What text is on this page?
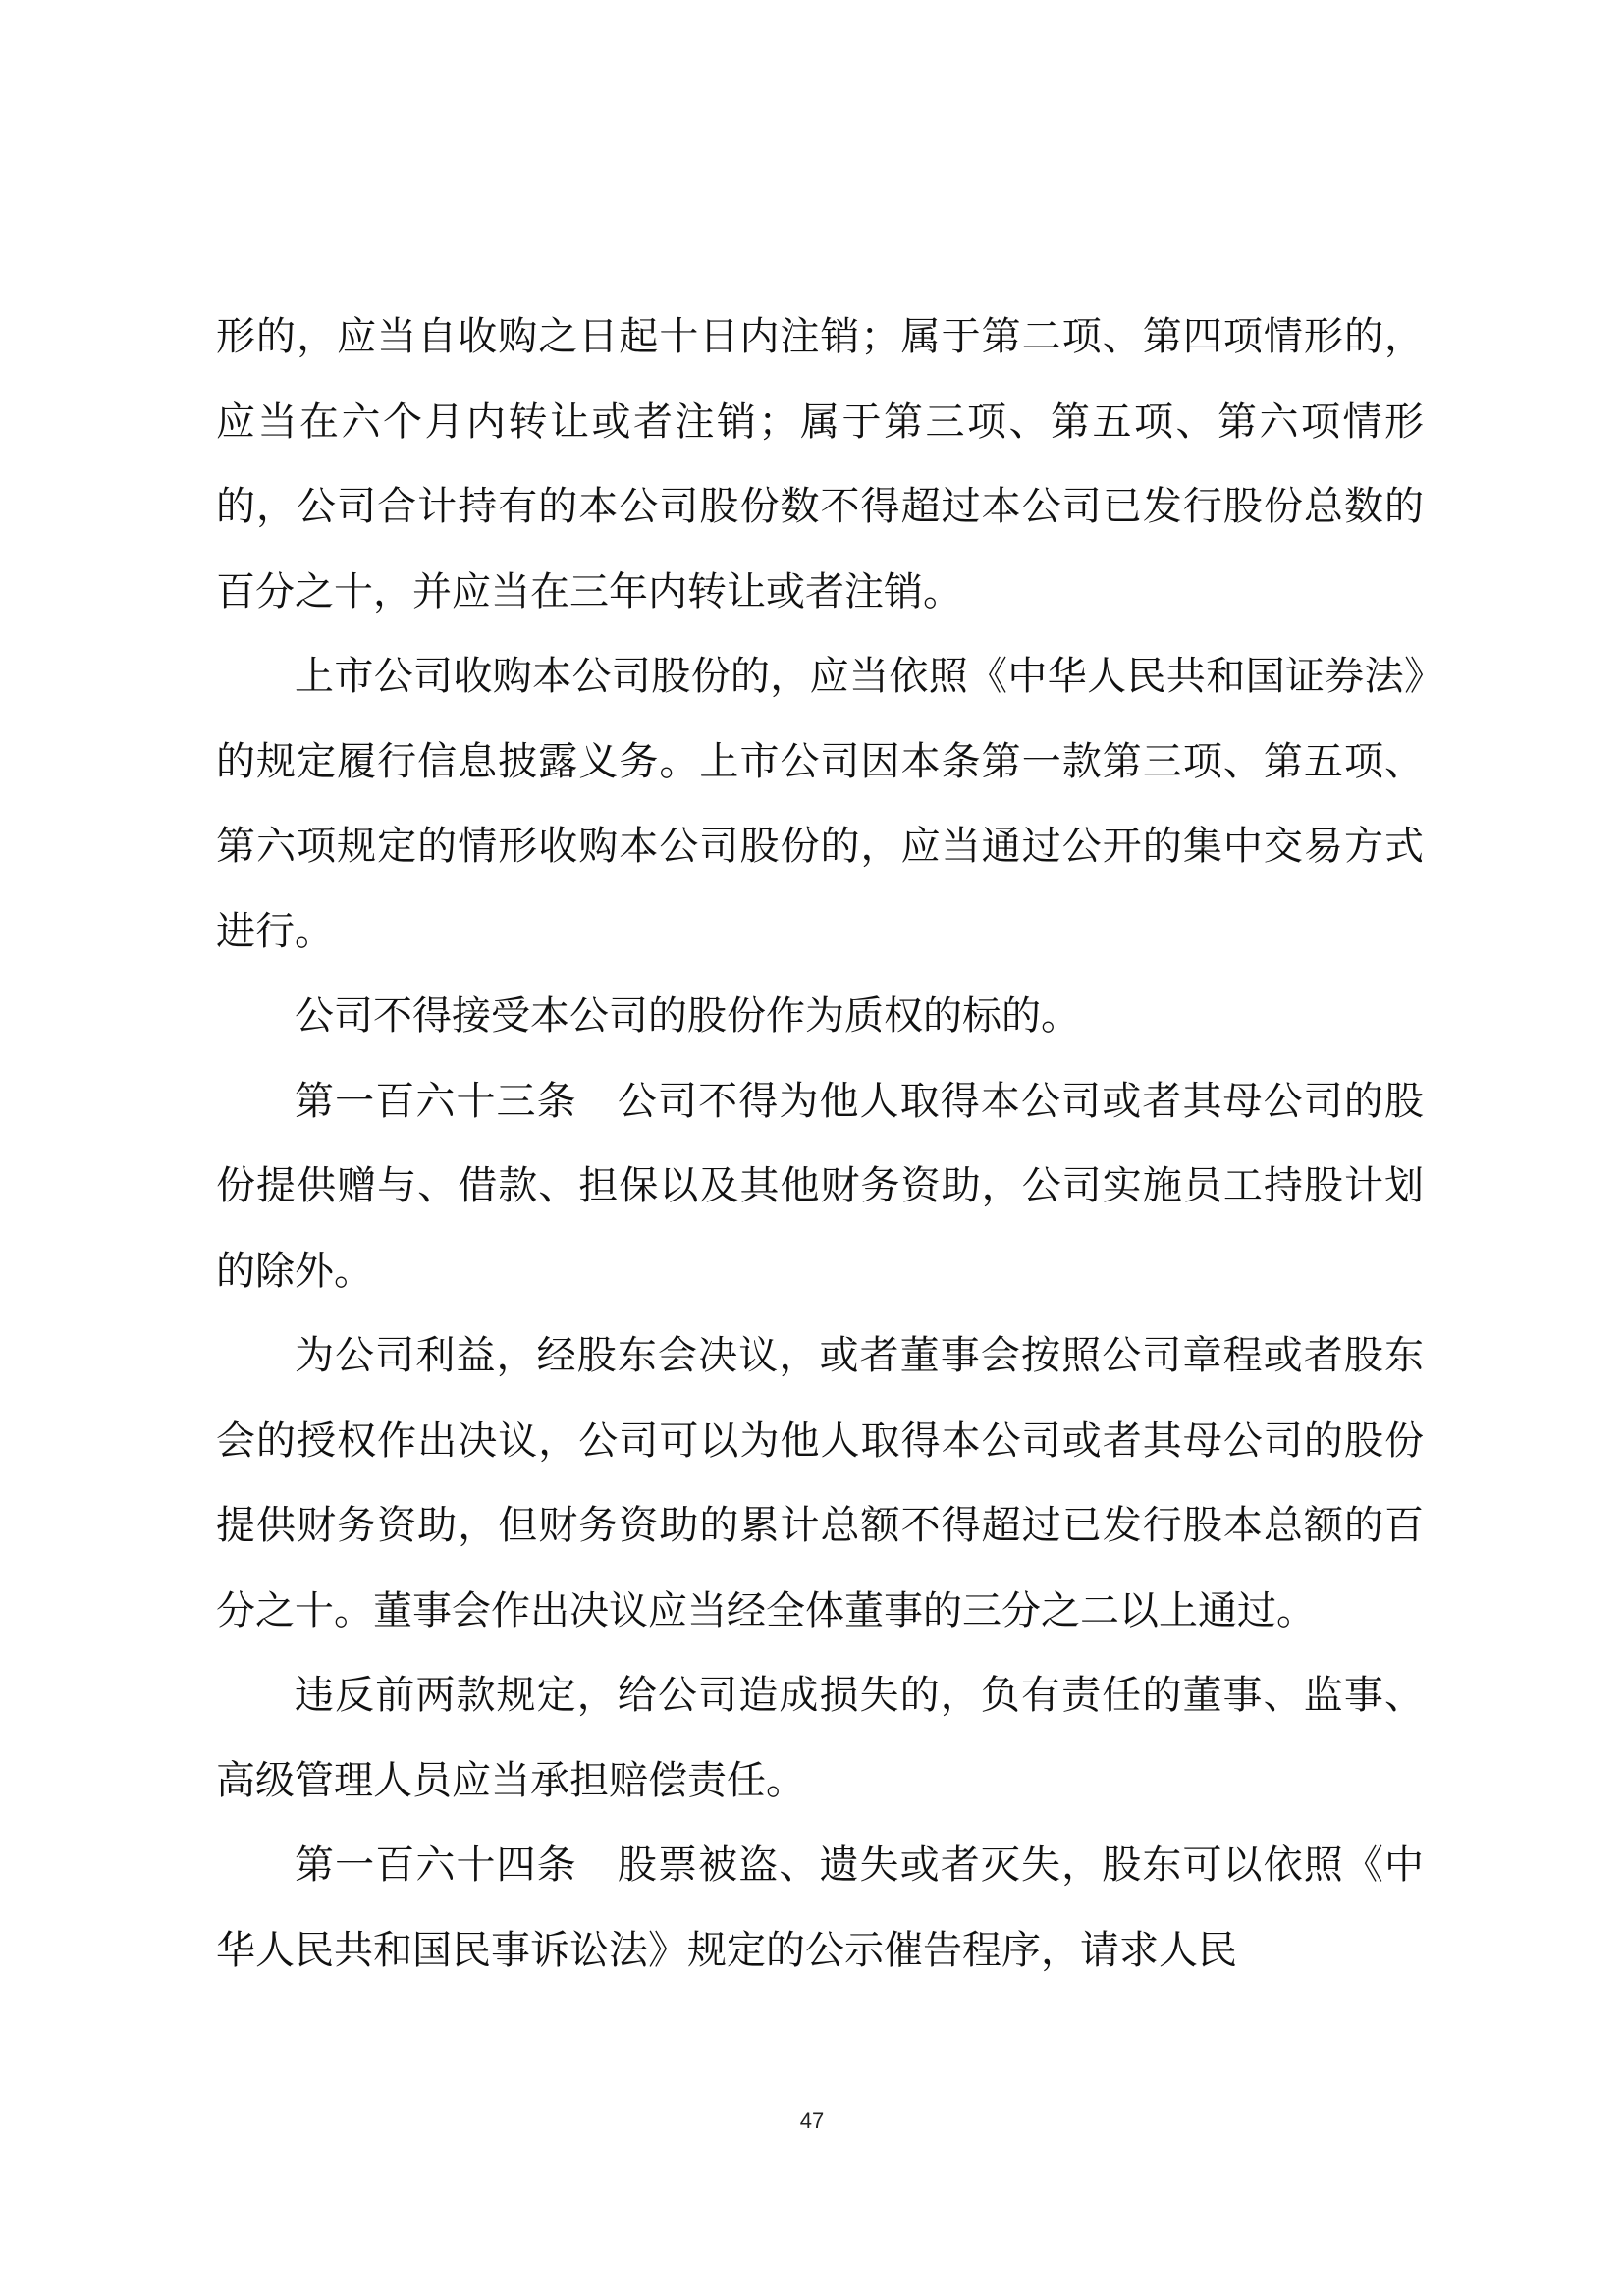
形的，应当自收购之日起十日内注销；属于第二项、第四项情形的，应当在六个月内转让或者注销；属于第三项、第五项、第六项情形的，公司合计持有的本公司股份数不得超过本公司已发行股份总数的百分之十，并应当在三年内转让或者注销。

上市公司收购本公司股份的，应当依照《中华人民共和国证券法》的规定履行信息披露义务。上市公司因本条第一款第三项、第五项、第六项规定的情形收购本公司股份的，应当通过公开的集中交易方式进行。

公司不得接受本公司的股份作为质权的标的。

第一百六十三条 公司不得为他人取得本公司或者其母公司的股份提供赠与、借款、担保以及其他财务资助，公司实施员工持股计划的除外。

为公司利益，经股东会决议，或者董事会按照公司章程或者股东会的授权作出决议，公司可以为他人取得本公司或者其母公司的股份提供财务资助，但财务资助的累计总额不得超过已发行股本总额的百分之十。董事会作出决议应当经全体董事的三分之二以上通过。

违反前两款规定，给公司造成损失的，负有责任的董事、监事、高级管理人员应当承担赔偿责任。

第一百六十四条 股票被盗、遗失或者灭失，股东可以依照《中华人民共和国民事诉讼法》规定的公示催告程序，请求人民

47
